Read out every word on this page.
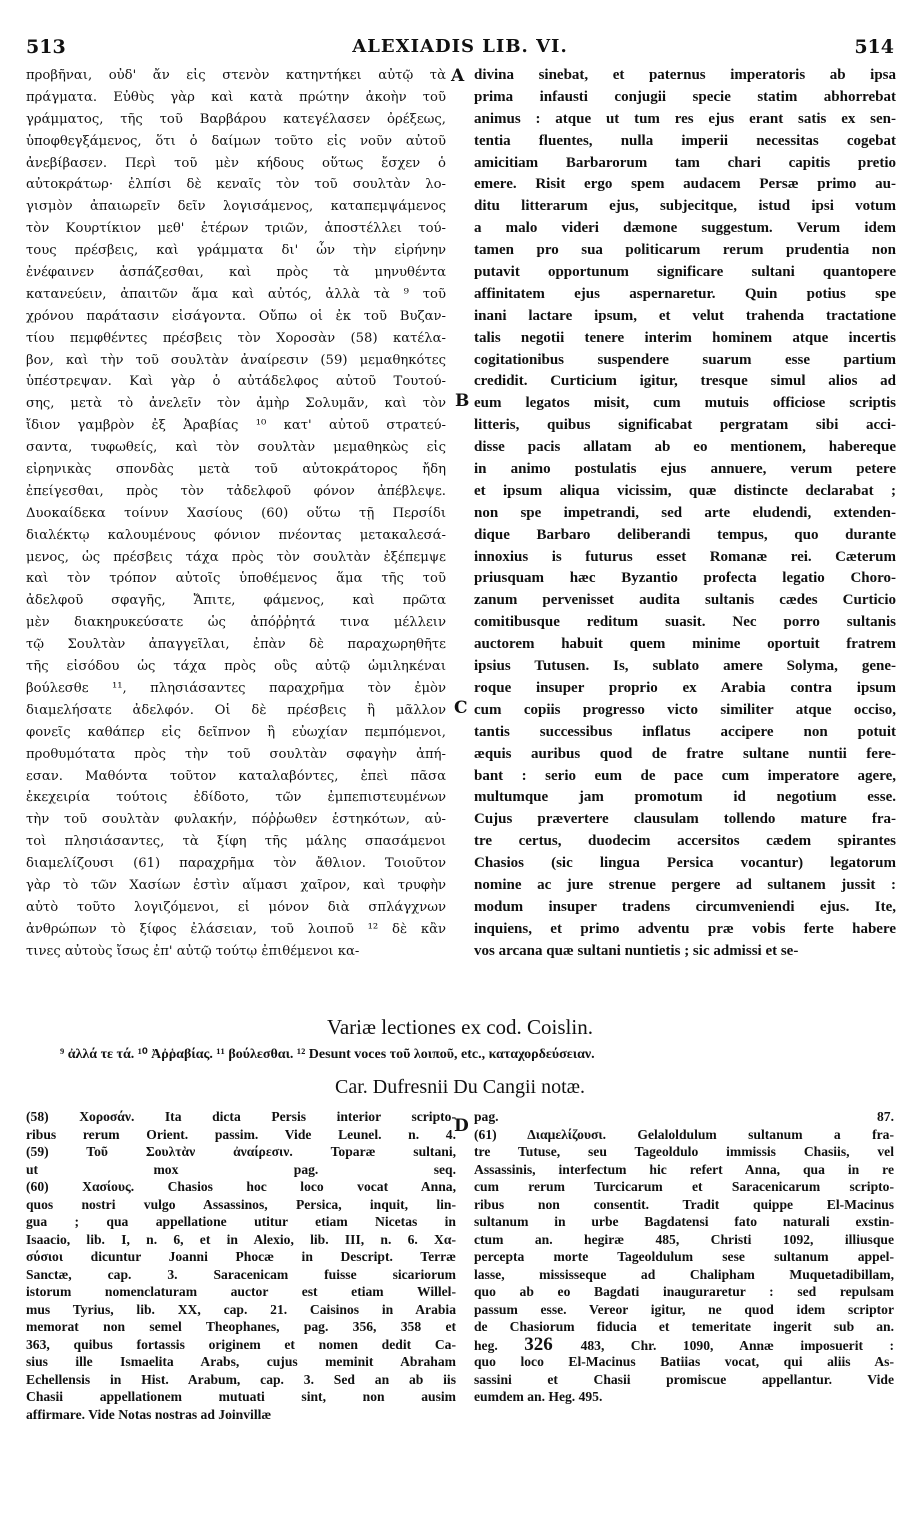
513	ALEXIADIS LIB. VI.	514
προβῆναι, οὐδ' ἄν εἰς στενὸν κατηντήκει αὐτῷ τὰ
πράγματα. Εὐθὺς γὰρ καὶ κατὰ πρώτην ἀκοὴν τοῦ
γράμματος, τῆς τοῦ Βαρβάρου κατεγέλασεν ὀρέξεως,
ὑποφθεγξάμενος, ὅτι ὁ δαίμων τοῦτο εἰς νοῦν αὐτοῦ
ἀνεβίβασεν. Περὶ τοῦ μὲν κήδους οὕτως ἔσχεν ὁ
αὐτοκράτωρ· ἐλπίσι δὲ κεναῖς τὸν τοῦ σουλτὰν λο-
γισμὸν ἀπαιωρεῖν δεῖν λογισάμενος, καταπεμψάμενος
τὸν Κουρτίκιον μεθ' ἑτέρων τριῶν, ἀποστέλλει τού-
τους πρέσβεις, καὶ γράμματα δι' ὧν τὴν εἰρήνην
ἐνέφαινεν ἀσπάζεσθαι, καὶ πρὸς τὰ μηνυθέντα
κατανεύειν, ἀπαιτῶν ἅμα καὶ αὐτός, ἀλλὰ τὰ ⁹ τοῦ
χρόνου παράτασιν εἰσάγοντα. Οὔπω οἱ ἐκ τοῦ Βυζαν-
τίου πεμφθέντες πρέσβεις τὸν Χοροσὰν (58) κατέλα-
βον, καὶ τὴν τοῦ σουλτὰν ἀναίρεσιν (59) μεμαθηκότες
ὑπέστρεψαν. Καὶ γὰρ ὁ αὐτάδελφος αὐτοῦ Τουτού-
σης, μετὰ τὸ ἀνελεῖν τὸν ἀμὴρ Σολυμᾶν, καὶ τὸν
ἴδιον γαμβρὸν ἐξ Ἀραβίας ¹⁰ κατ' αὐτοῦ στρατεύ-
σαντα, τυφωθείς, καὶ τὸν σουλτὰν μεμαθηκὼς εἰς
εἰρηνικὰς σπονδὰς μετὰ τοῦ αὐτοκράτορος ἤδη
ἐπείγεσθαι, πρὸς τὸν τἀδελφοῦ φόνον ἀπέβλεψε.
Δυοκαίδεκα τοίνυν Χασίους (60) οὕτω τῇ Περσίδι
διαλέκτῳ καλουμένους φόνιον πνέοντας μετακαλεσά-
μενος, ὡς πρέσβεις τάχα πρὸς τὸν σουλτὰν ἐξέπεμψε
καὶ τὸν τρόπον αὐτοῖς ὑποθέμενος ἅμα τῆς τοῦ
ἀδελφοῦ σφαγῆς, Ἄπιτε, φάμενος, καὶ πρῶτα
μὲν διακηρυκεύσατε ὡς ἀπόῤῥητά τινα μέλλειν
τῷ Σουλτὰν ἀπαγγεῖλαι, ἐπὰν δὲ παραχωρηθῆτε
τῆς εἰσόδου ὡς τάχα πρὸς οὓς αὐτῷ ὡμιληκέναι
βούλεσθε ¹¹, πλησιάσαντες παραχρῆμα τὸν ἐμὸν
διαμελήσατε ἀδελφόν. Οἱ δὲ πρέσβεις ἢ μᾶλλον
φονεῖς καθάπερ εἰς δεῖπνον ἢ εὐωχίαν πεμπόμενοι,
προθυμότατα πρὸς τὴν τοῦ σουλτὰν σφαγὴν ἀπή-
εσαν. Μαθόντα τοῦτον καταλαβόντες, ἐπεὶ πᾶσα
ἐκεχειρία τούτοις ἐδίδοτο, τῶν ἐμπεπιστευμένων
τὴν τοῦ σουλτὰν φυλακήν, πόῤῥωθεν ἑστηκότων, αὐ-
τοὶ πλησιάσαντες, τὰ ξίφη τῆς μάλης σπασάμενοι
διαμελίζουσι (61) παραχρῆμα τὸν ἄθλιον. Τοιοῦτον
γὰρ τὸ τῶν Χασίων ἐστὶν αἵμασι χαῖρον, καὶ τρυφὴν
αὐτὸ τοῦτο λογιζόμενοι, εἰ μόνον διὰ σπλάγχνων
ἀνθρώπων τὸ ξίφος ἐλάσειαν, τοῦ λοιποῦ ¹² δὲ κἂν
τινες αὐτοὺς ἴσως ἐπ' αὐτῷ τούτῳ ἐπιθέμενοι κα-
divina sinebat, et paternus imperatoris ab ipsa
prima infausti conjugii specie statim abhorrebat
animus : atque ut tum res ejus erant satis ex sen-
tentia fluentes, nulla imperii necessitas cogebat
amicitiam Barbarorum tam chari capitis pretio
emere. Risit ergo spem audacem Persæ primo au-
ditu litterarum ejus, subjecitque, istud ipsi votum
a malo videri dæmone suggestum. Verum idem
tamen pro sua politicarum rerum prudentia non
putavit opportunum significare sultani quantopere
affinitatem ejus aspernaretur. Quin potius spe
inani lactare ipsum, et velut trahenda tractatione
talis negotii tenere interim hominem atque incertis
cogitationibus suspendere suarum esse partium
credidit. Curticium igitur, tresque simul alios ad
eum legatos misit, cum mutuis officiose scriptis
litteris, quibus significabat pergratam sibi acci-
disse pacis allatam ab eo mentionem, habereque
in animo postulatis ejus annuere, verum petere
et ipsum aliqua vicissim, quæ distincte declarabat ;
non spe impetrandi, sed arte eludendi, extenden-
dique Barbaro deliberandi tempus, quo durante
innoxius is futurus esset Romanæ rei. Cæterum
priusquam hæc Byzantio profecta legatio Choro-
zanum pervenisset audita sultanis cædes Curticio
comitibusque reditum suasit. Nec porro sultanis
auctorem habuit quem minime oportuit fratrem
ipsius Tutusen. Is, sublato amere Solyma, gene-
roque insuper proprio ex Arabia contra ipsum
cum copiis progresso victo similiter atque occiso,
tantis successibus inflatus accipere non potuit
æquis auribus quod de fratre sultane nuntii fere-
bant : serio eum de pace cum imperatore agere,
multumque jam promotum id negotium esse.
Cujus prævertere clausulam tollendo mature fra-
tre certus, duodecim accersitos cædem spirantes
Chasios (sic lingua Persica vocantur) legatorum
nomine ac jure strenue pergere ad sultanem jussit :
modum insuper tradens circumveniendi ejus. Ite,
inquiens, et primo adventu præ vobis ferte habere
vos arcana quæ sultani nuntietis ; sic admissi et se-
A
B
C
D
Variæ lectiones ex cod. Coislin.
⁹ ἀλλά τε τά. ¹⁰ Ἀῤῥαβίας. ¹¹ βούλεσθαι. ¹² Desunt voces τοῦ λοιποῦ, etc., καταχορδεύσειαν.
Car. Dufresnii Du Cangii notæ.
(58) Χοροσάν. Ita dicta Persis interior scripto-
ribus rerum Orient. passim. Vide Leunel. n. 4.
(59) Τοῦ Σουλτὰν ἀναίρεσιν. Toparæ sultani,
ut mox pag. seq.
(60) Χασίους. Chasios hoc loco vocat Anna,
quos nostri vulgo Assassinos, Persica, inquit, lin-
gua ; qua appellatione utitur etiam Nicetas in
Isaacio, lib. I, n. 6, et in Alexio, lib. III, n. 6. Χα-
σύσιοι dicuntur Joanni Phocæ in Descript. Terræ
Sanctæ, cap. 3. Saracenicam fuisse sicariorum
istorum nomenclaturam auctor est etiam Willel-
mus Tyrius, lib. XX, cap. 21. Caisinos in Arabia
memorat non semel Theophanes, pag. 356, 358 et
363, quibus fortassis originem et nomen dedit Ca-
sius ille Ismaelita Arabs, cujus meminit Abraham
Echellensis in Hist. Arabum, cap. 3. Sed an ab iis
Chasii appellationem mutuati sint, non ausim
affirmare. Vide Notas nostras ad Joinvillæ
pag. 87.
(61) Διαμελίζουσι. Gelaloldulum sultanum a fra-
tre Tutuse, seu Tageoldulo immissis Chasiis, vel
Assassinis, interfectum hic refert Anna, qua in re
cum rerum Turcicarum et Saracenicarum scripto-
ribus non consentit. Tradit quippe El-Macinus
sultanum in urbe Bagdatensi fato naturali exstin-
ctum an. hegiræ 485, Christi 1092, illiusque
percepta morte Tageoldulum sese sultanum appel-
lasse, mississeque ad Chalipham Muquetadibillam,
quo ab eo Bagdati inauguraretur : sed repulsam
passum esse. Vereor igitur, ne quod idem scriptor
de Chasiorum fiducia et temeritate ingerit sub an.
heg. 326 483, Chr. 1090, Annæ imposuerit :
quo loco El-Macinus Batiias vocat, qui aliis As-
sassini et Chasii promiscue appellantur. Vide
eumdem an. Heg. 495.
